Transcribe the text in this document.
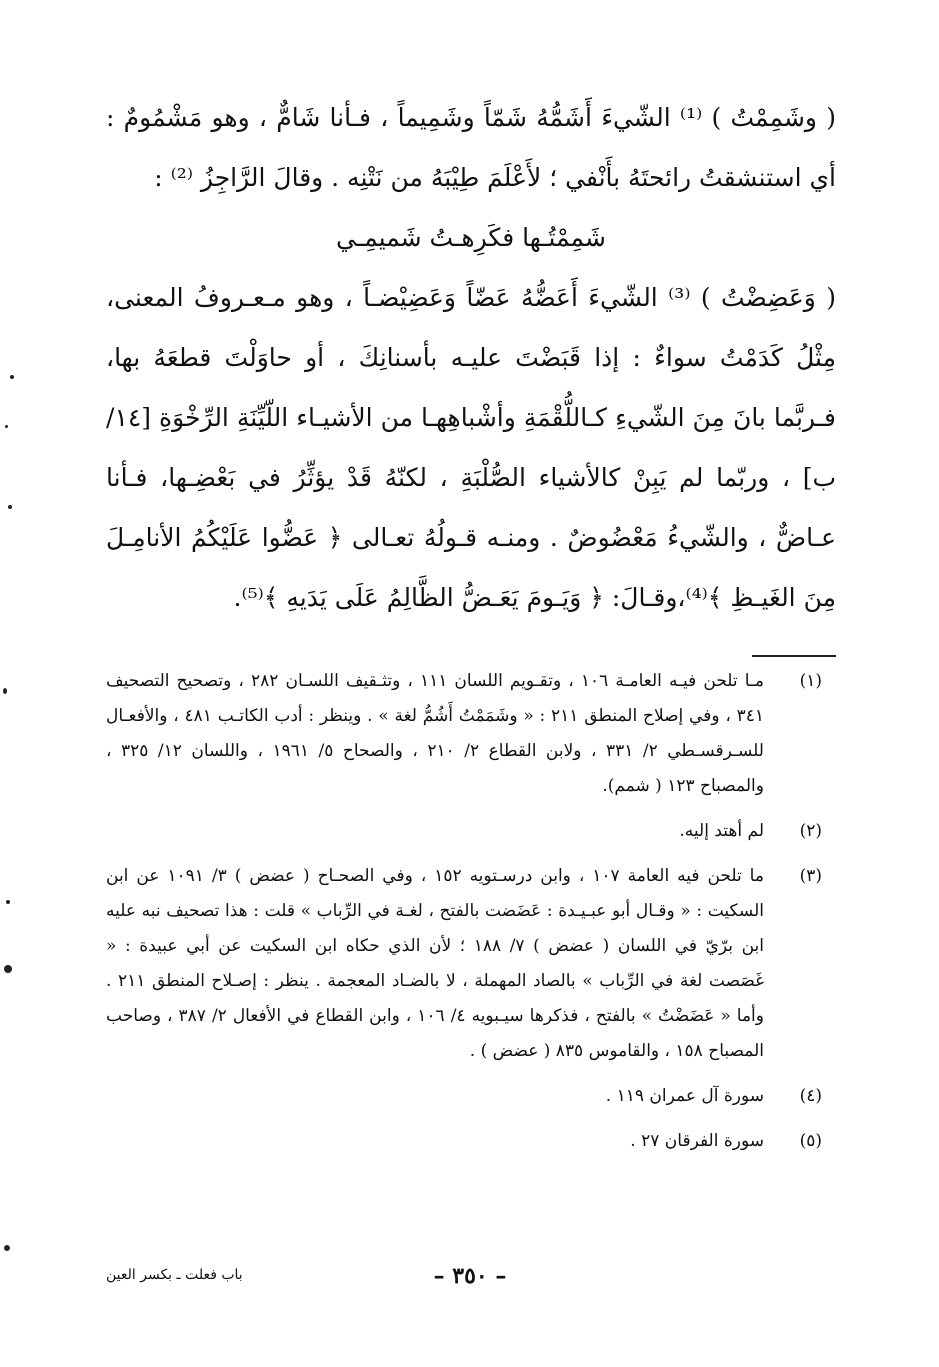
( وشَمِمْتُ ) ⁽¹⁾ الشّيءَ أَشَمُّهُ شَمّاً وشَمِيماً ، فـأنا شَامٌّ ، وهو مَشْمُومٌ : أي استنشقتُ رائحتَهُ بأَنْفي ؛ لأَعْلَمَ طِيْبَهُ من نَتْنِه . وقالَ الرَّاجِزُ ⁽²⁾ :

شَمِمْتُـها فكَرِهـتُ شَميمِـي

( وَعَضِضْتُ ) ⁽³⁾ الشّيءَ أَعَضُّهُ عَضّاً وَعَضِيْضـاً ، وهو مـعـروفُ المعنى، مِثْلُ كَدَمْتُ سواءٌ : إذا قَبَضْتَ عليـه بأسنانِكَ ، أو حاوَلْتَ قطعَهُ بها، فـربَّما بانَ مِنَ الشّيءِ كـاللُّقْمَةِ وأشْباهِهـا من الأشيـاء اللّيِّنَةِ الرِّخْوَةِ [١٤/ب] ، وربّما لم يَبِنْ كالأشياء الصُّلْبَةِ ، لكنّهُ قَدْ يؤثِّرُ في بَعْضِـها، فـأنا عـاضٌّ ، والشّيءُ مَعْضُوضٌ . ومنـه قـولُهُ تعـالى ﴿ عَضُّوا عَلَيْكُمُ الأنامِـلَ مِنَ الغَيـظِ ﴾⁽⁴⁾،وقـالَ: ﴿ وَيَـومَ يَعَـضُّ الظَّالِمُ عَلَى يَدَيهِ ﴾⁽⁵⁾.

(١)
مـا تلحن فيـه العامـة ١٠٦ ، وتقـويم اللسان ١١١ ، وتثـقيف اللسـان ٢٨٢ ، وتصحيح التصحيف ٣٤١ ، وفي إصلاح المنطق ٢١١ : « وشَمَمْتُ أَشُمُّ لغة » . وينظر : أدب الكاتـب ٤٨١ ، والأفعـال للسـرقسـطي ٢/ ٣٣١ ، ولابن القطاع ٢/ ٢١٠ ، والصحاح ٥/ ١٩٦١ ، واللسان ١٢/ ٣٢٥ ، والمصباح ١٢٣ ( شمم).
(٢)
لم أهتد إليه.
(٣)
ما تلحن فيه العامة ١٠٧ ، وابن درسـتويه ١٥٢ ، وفي الصحـاح ( عضض ) ٣/ ١٠٩١ عن ابن السكيت : « وقـال أبو عبـيـدة : عَضَضت بالفتح ، لغـة في الرِّباب » قلت : هذا تصحيف نبه عليه ابن برّيّ في اللسان ( عضض ) ٧/ ١٨٨ ؛ لأن الذي حكاه ابن السكيت عن أبي عبيدة : « غَصَصت لغة في الرِّباب » بالصاد المهملة ، لا بالضـاد المعجمة . ينظر : إصـلاح المنطق ٢١١ . وأما « عَضَضْتُ » بالفتح ، فذكرها سيـبويه ٤/ ١٠٦ ، وابن القطاع في الأفعال ٢/ ٣٨٧ ، وصاحب المصباح ١٥٨ ، والقاموس ٨٣٥ ( عضض ) .
(٤)
سورة آل عمران ١١٩ .
(٥)
سورة الفرقان ٢٧ .
– ٣٥٠ –
باب فعلت ـ بكسر العين
